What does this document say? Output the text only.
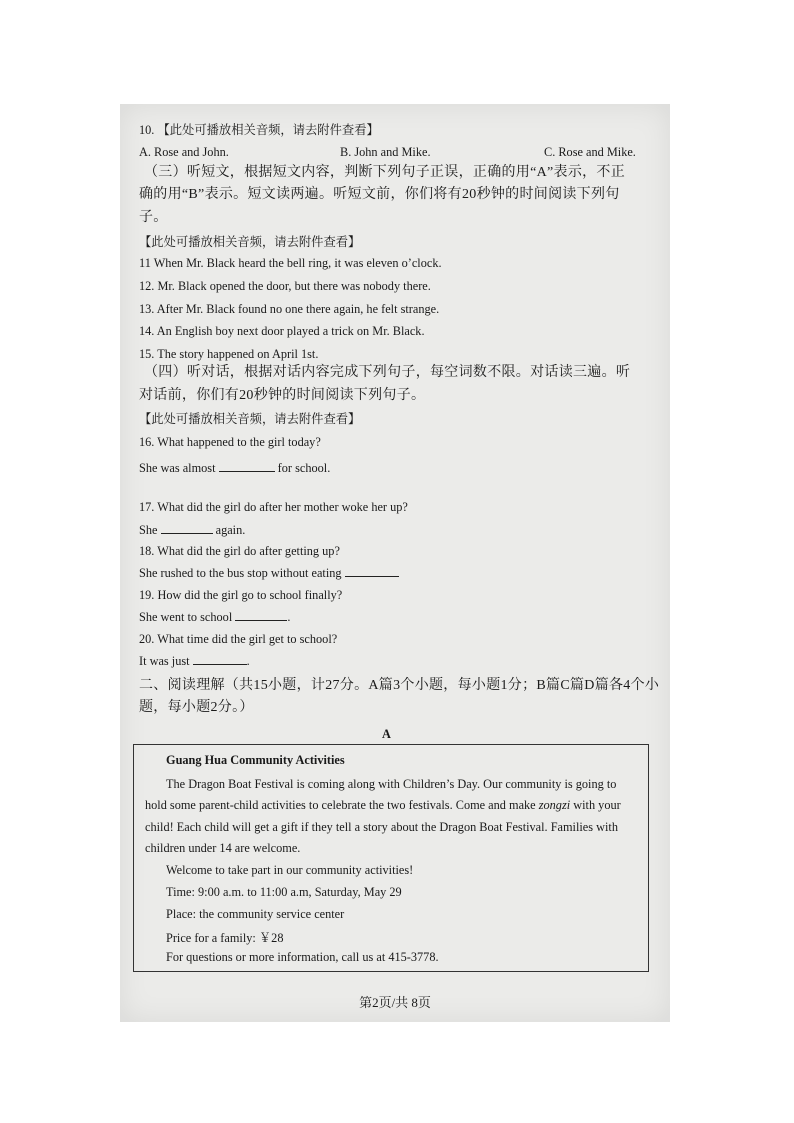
10. 【此处可播放相关音频，请去附件查看】
A. Rose and John.	B. John and Mike.	C. Rose and Mike.
（三）听短文，根据短文内容，判断下列句子正误，正确的用“A”表示，不正
确的用“B”表示。短文读两遍。听短文前，你们将有20秒钟的时间阅读下列句
子。
【此处可播放相关音频，请去附件查看】
11 When Mr. Black heard the bell ring, it was eleven o’clock.
12. Mr. Black opened the door, but there was nobody there.
13. After Mr. Black found no one there again, he felt strange.
14. An English boy next door played a trick on Mr. Black.
15. The story happened on April 1st.
（四）听对话，根据对话内容完成下列句子，每空词数不限。对话读三遍。听
对话前，你们有20秒钟的时间阅读下列句子。
【此处可播放相关音频，请去附件查看】
16. What happened to the girl today?
She was almost	for school.
17. What did the girl do after her mother woke her up?
She	again.
18. What did the girl do after getting up?
She rushed to the bus stop without eating
19. How did the girl go to school finally?
She went to school	.
20. What time did the girl get to school?
It was just	.
二、阅读理解（共15小题，计27分。A篇3个小题，每小题1分；B篇C篇D篇各4个小
题，每小题2分。）
A
Guang Hua Community Activities
The Dragon Boat Festival is coming along with Children’s Day. Our community is going to
hold some parent-child activities to celebrate the two festivals. Come and make zongzi with your
child! Each child will get a gift if they tell a story about the Dragon Boat Festival. Families with
children under 14 are welcome.
Welcome to take part in our community activities!
Time: 9:00 a.m. to 11:00 a.m, Saturday, May 29
Place: the community service center
Price for a family: ￥28
For questions or more information, call us at 415-3778.
第2页/共 8页
